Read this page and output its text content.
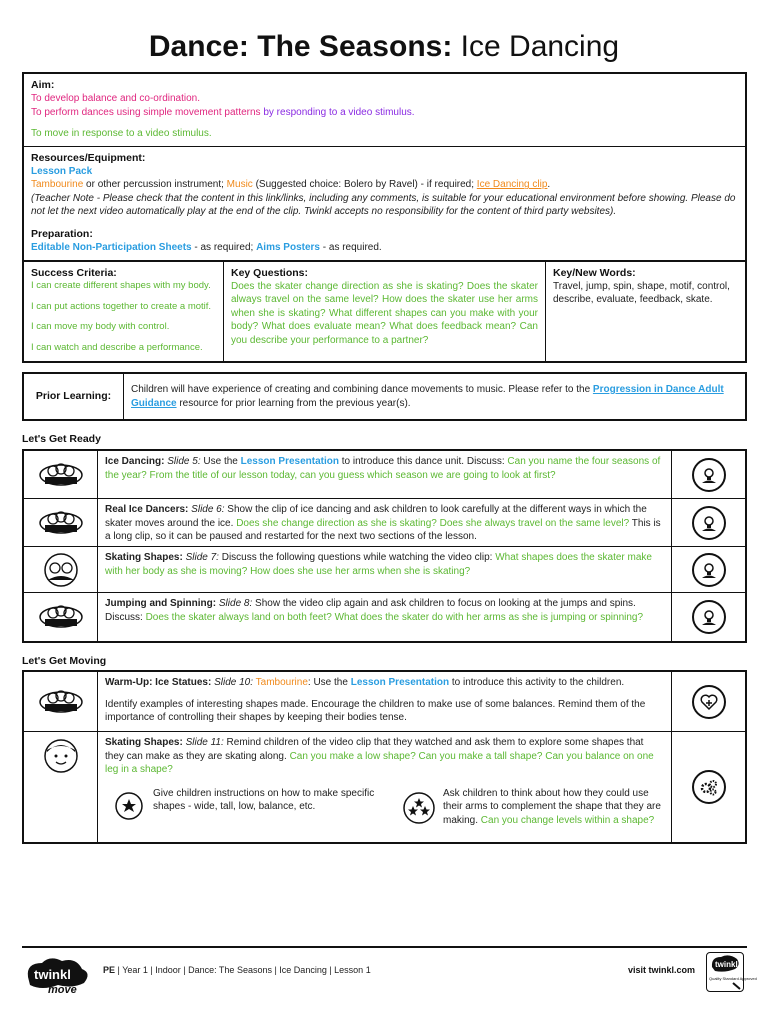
Dance: The Seasons: Ice Dancing
Aim:

To develop balance and co-ordination.

To perform dances using simple movement patterns by responding to a video stimulus.

To move in response to a video stimulus.

Resources/Equipment:

Lesson Pack

Tambourine or other percussion instrument; Music (Suggested choice: Bolero by Ravel) - if required; Ice Dancing clip.

(Teacher Note - Please check that the content in this link/links, including any comments, is suitable for your educational environment before showing. Please do not let the next video automatically play at the end of the clip. Twinkl accepts no responsibility for the content of third party websites).

Preparation:

Editable Non-Participation Sheets - as required; Aims Posters - as required.

Success Criteria:
I can create different shapes with my body.
I can put actions together to create a motif.
I can move my body with control.
I can watch and describe a performance.
Key Questions:

Does the skater change direction as she is skating? Does the skater always travel on the same level? How does the skater use her arms when she is skating? What different shapes can you make with your body? What does evaluate mean? What does feedback mean? Can you describe your performance to a partner?

Key/New Words:

Travel, jump, spin, shape, motif, control, describe, evaluate, feedback, skate.

Prior Learning:
Children will have experience of creating and combining dance movements to music. Please refer to the Progression in Dance Adult Guidance resource for prior learning from the previous year(s).
Let's Get Ready
Ice Dancing: Slide 5: Use the Lesson Presentation to introduce this dance unit. Discuss: Can you name the four seasons of the year? From the title of our lesson today, can you guess which season we are going to look at first?
Real Ice Dancers: Slide 6: Show the clip of ice dancing and ask children to look carefully at the different ways in which the skater moves around the ice. Does she change direction as she is skating? Does she always travel on the same level? This is a long clip, so it can be paused and restarted for the next two sections of the lesson.
Skating Shapes: Slide 7: Discuss the following questions while watching the video clip: What shapes does the skater make with her body as she is moving? How does she use her arms when she is skating?
Jumping and Spinning: Slide 8: Show the video clip again and ask children to focus on looking at the jumps and spins. Discuss: Does the skater always land on both feet? What does the skater do with her arms as she is jumping or spinning?
Let's Get Moving

Warm-Up: Ice Statues: Slide 10: Tambourine: Use the Lesson Presentation to introduce this activity to the children.

Identify examples of interesting shapes made. Encourage the children to make use of some balances. Remind them of the importance of controlling their shapes by keeping their bodies tense.

Skating Shapes: Slide 11: Remind children of the video clip that they watched and ask them to explore some shapes that they can make as they are skating along. Can you make a low shape? Can you make a tall shape? Can you balance on one leg in a shape?

Give children instructions on how to make specific shapes - wide, tall, low, balance, etc.

Ask children to think about how they could use their arms to complement the shape that they are making. Can you change levels within a shape?

twinkl
move
PE | Year 1 | Indoor | Dance: The Seasons | Ice Dancing | Lesson 1	visit twinkl.com
twinkl
Quality Standard Approved
